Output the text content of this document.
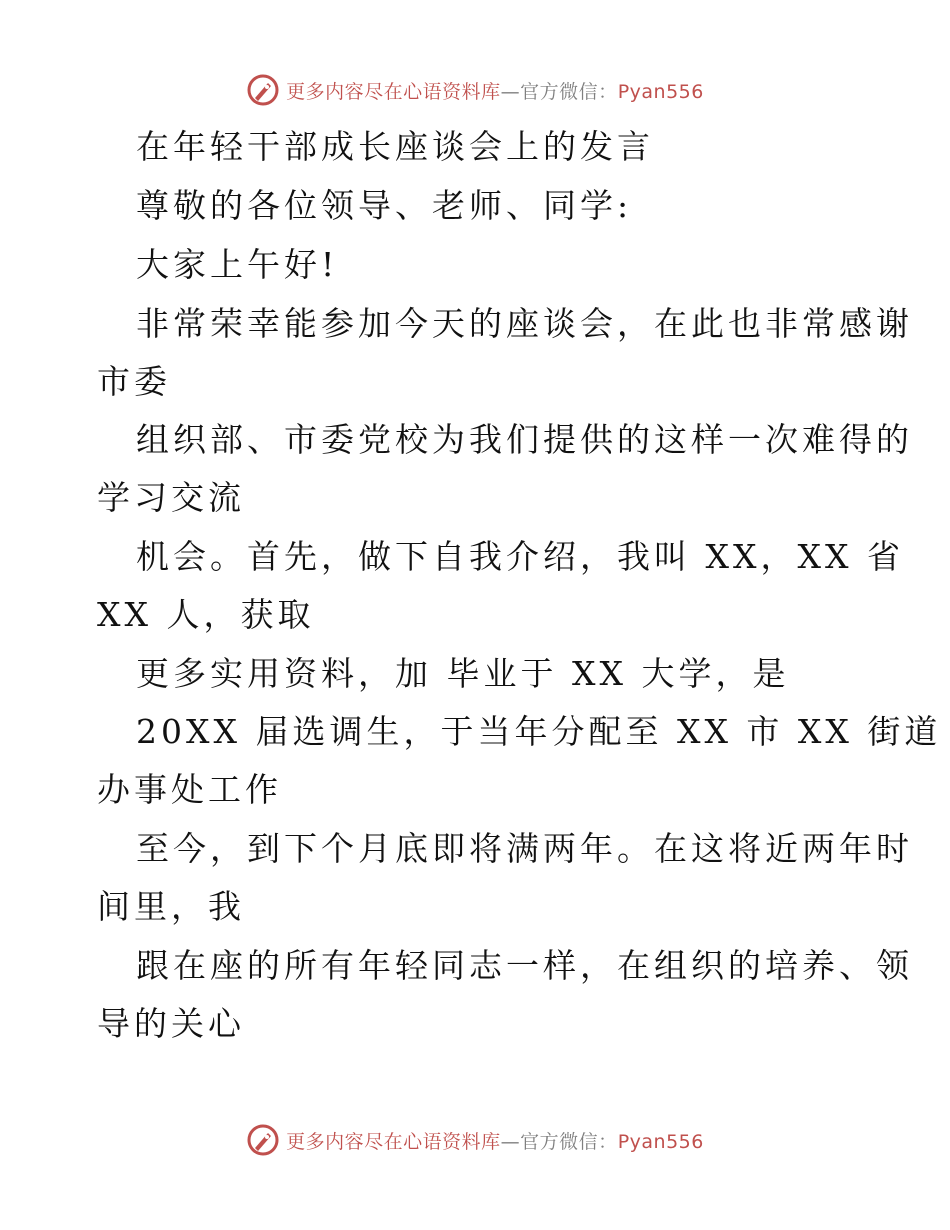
更多内容尽在心语资料库—官方微信：Pyan556
在年轻干部成长座谈会上的发言
尊敬的各位领导、老师、同学:
大家上午好!
非常荣幸能参加今天的座谈会，在此也非常感谢
市委
组织部、市委党校为我们提供的这样一次难得的
学习交流
机会。首先，做下自我介绍，我叫 XX，XX 省
XX 人，获取
更多实用资料，加 毕业于 XX 大学，是
20XX 届选调生，于当年分配至 XX 市 XX 街道
办事处工作
至今，到下个月底即将满两年。在这将近两年时
间里，我
跟在座的所有年轻同志一样，在组织的培养、领
导的关心
更多内容尽在心语资料库—官方微信：Pyan556
